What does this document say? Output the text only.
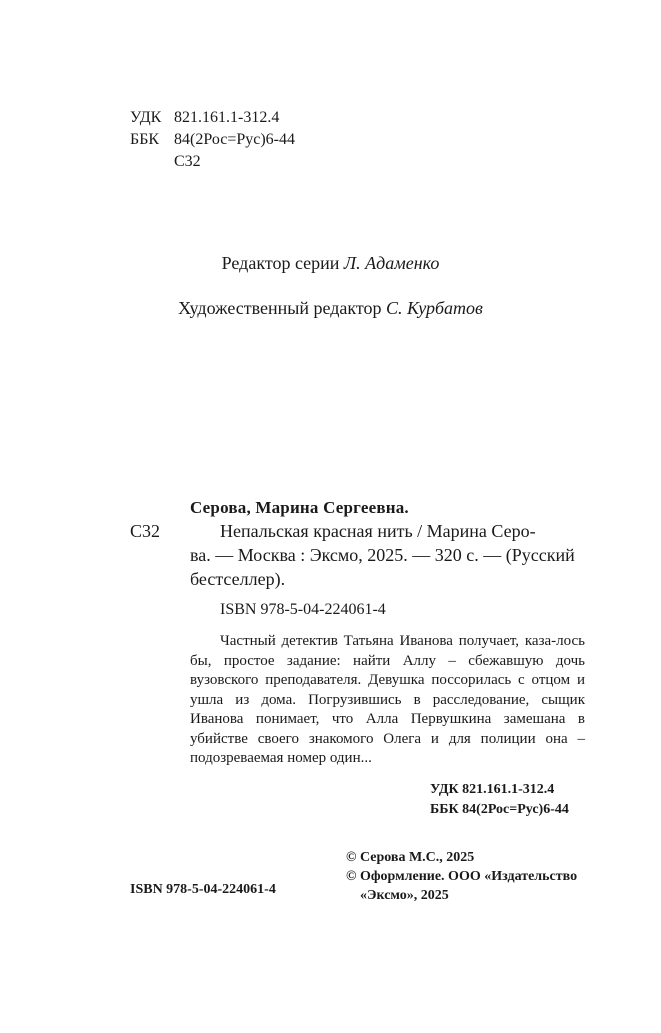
УДК 821.161.1-312.4
ББК 84(2Рос=Рус)6-44
С32
Редактор серии Л. Адаменко
Художественный редактор С. Курбатов
Серова, Марина Сергеевна.
С32	Непальская красная нить / Марина Серо-

ва. — Москва : Эксмо, 2025. — 320 с. — (Русский

бестселлер).

ISBN 978-5-04-224061-4
Частный детектив Татьяна Иванова получает, каза-лось бы, простое задание: найти Аллу – сбежавшую дочь вузовского преподавателя. Девушка поссорилась с отцом и ушла из дома. Погрузившись в расследование, сыщик Иванова понимает, что Алла Первушкина замешана в убийстве своего знакомого Олега и для полиции она – подозреваемая номер один...
УДК 821.161.1-312.4
ББК 84(2Рос=Рус)6-44
© Серова М.С., 2025
© Оформление. ООО «Издательство
«Эксмо», 2025
ISBN 978-5-04-224061-4
